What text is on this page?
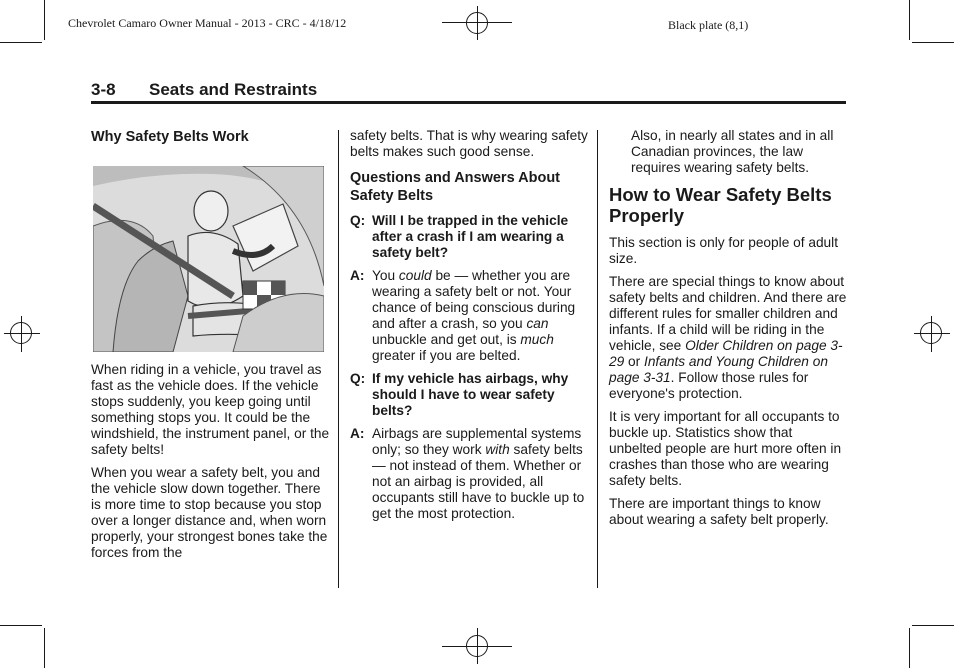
Chevrolet Camaro Owner Manual - 2013 - CRC - 4/18/12	Black plate (8,1)
3-8 Seats and Restraints
Why Safety Belts Work

When riding in a vehicle, you travel as fast as the vehicle does. If the vehicle stops suddenly, you keep going until something stops you. It could be the windshield, the instrument panel, or the safety belts!

When you wear a safety belt, you and the vehicle slow down together. There is more time to stop because you stop over a longer distance and, when worn properly, your strongest bones take the forces from the

safety belts. That is why wearing safety belts makes such good sense.

Questions and Answers About Safety Belts
Q: Will I be trapped in the vehicle after a crash if I am wearing a safety belt?
A: You could be — whether you are wearing a safety belt or not. Your chance of being conscious during and after a crash, so you can unbuckle and get out, is much greater if you are belted.
Q: If my vehicle has airbags, why should I have to wear safety belts?
A: Airbags are supplemental systems only; so they work with safety belts — not instead of them. Whether or not an airbag is provided, all occupants still have to buckle up to get the most protection.

Also, in nearly all states and in all Canadian provinces, the law requires wearing safety belts.

How to Wear Safety Belts Properly

This section is only for people of adult size.

There are special things to know about safety belts and children. And there are different rules for smaller children and infants. If a child will be riding in the vehicle, see Older Children on page 3-29 or Infants and Young Children on page 3-31. Follow those rules for everyone's protection.

It is very important for all occupants to buckle up. Statistics show that unbelted people are hurt more often in crashes than those who are wearing safety belts.

There are important things to know about wearing a safety belt properly.
